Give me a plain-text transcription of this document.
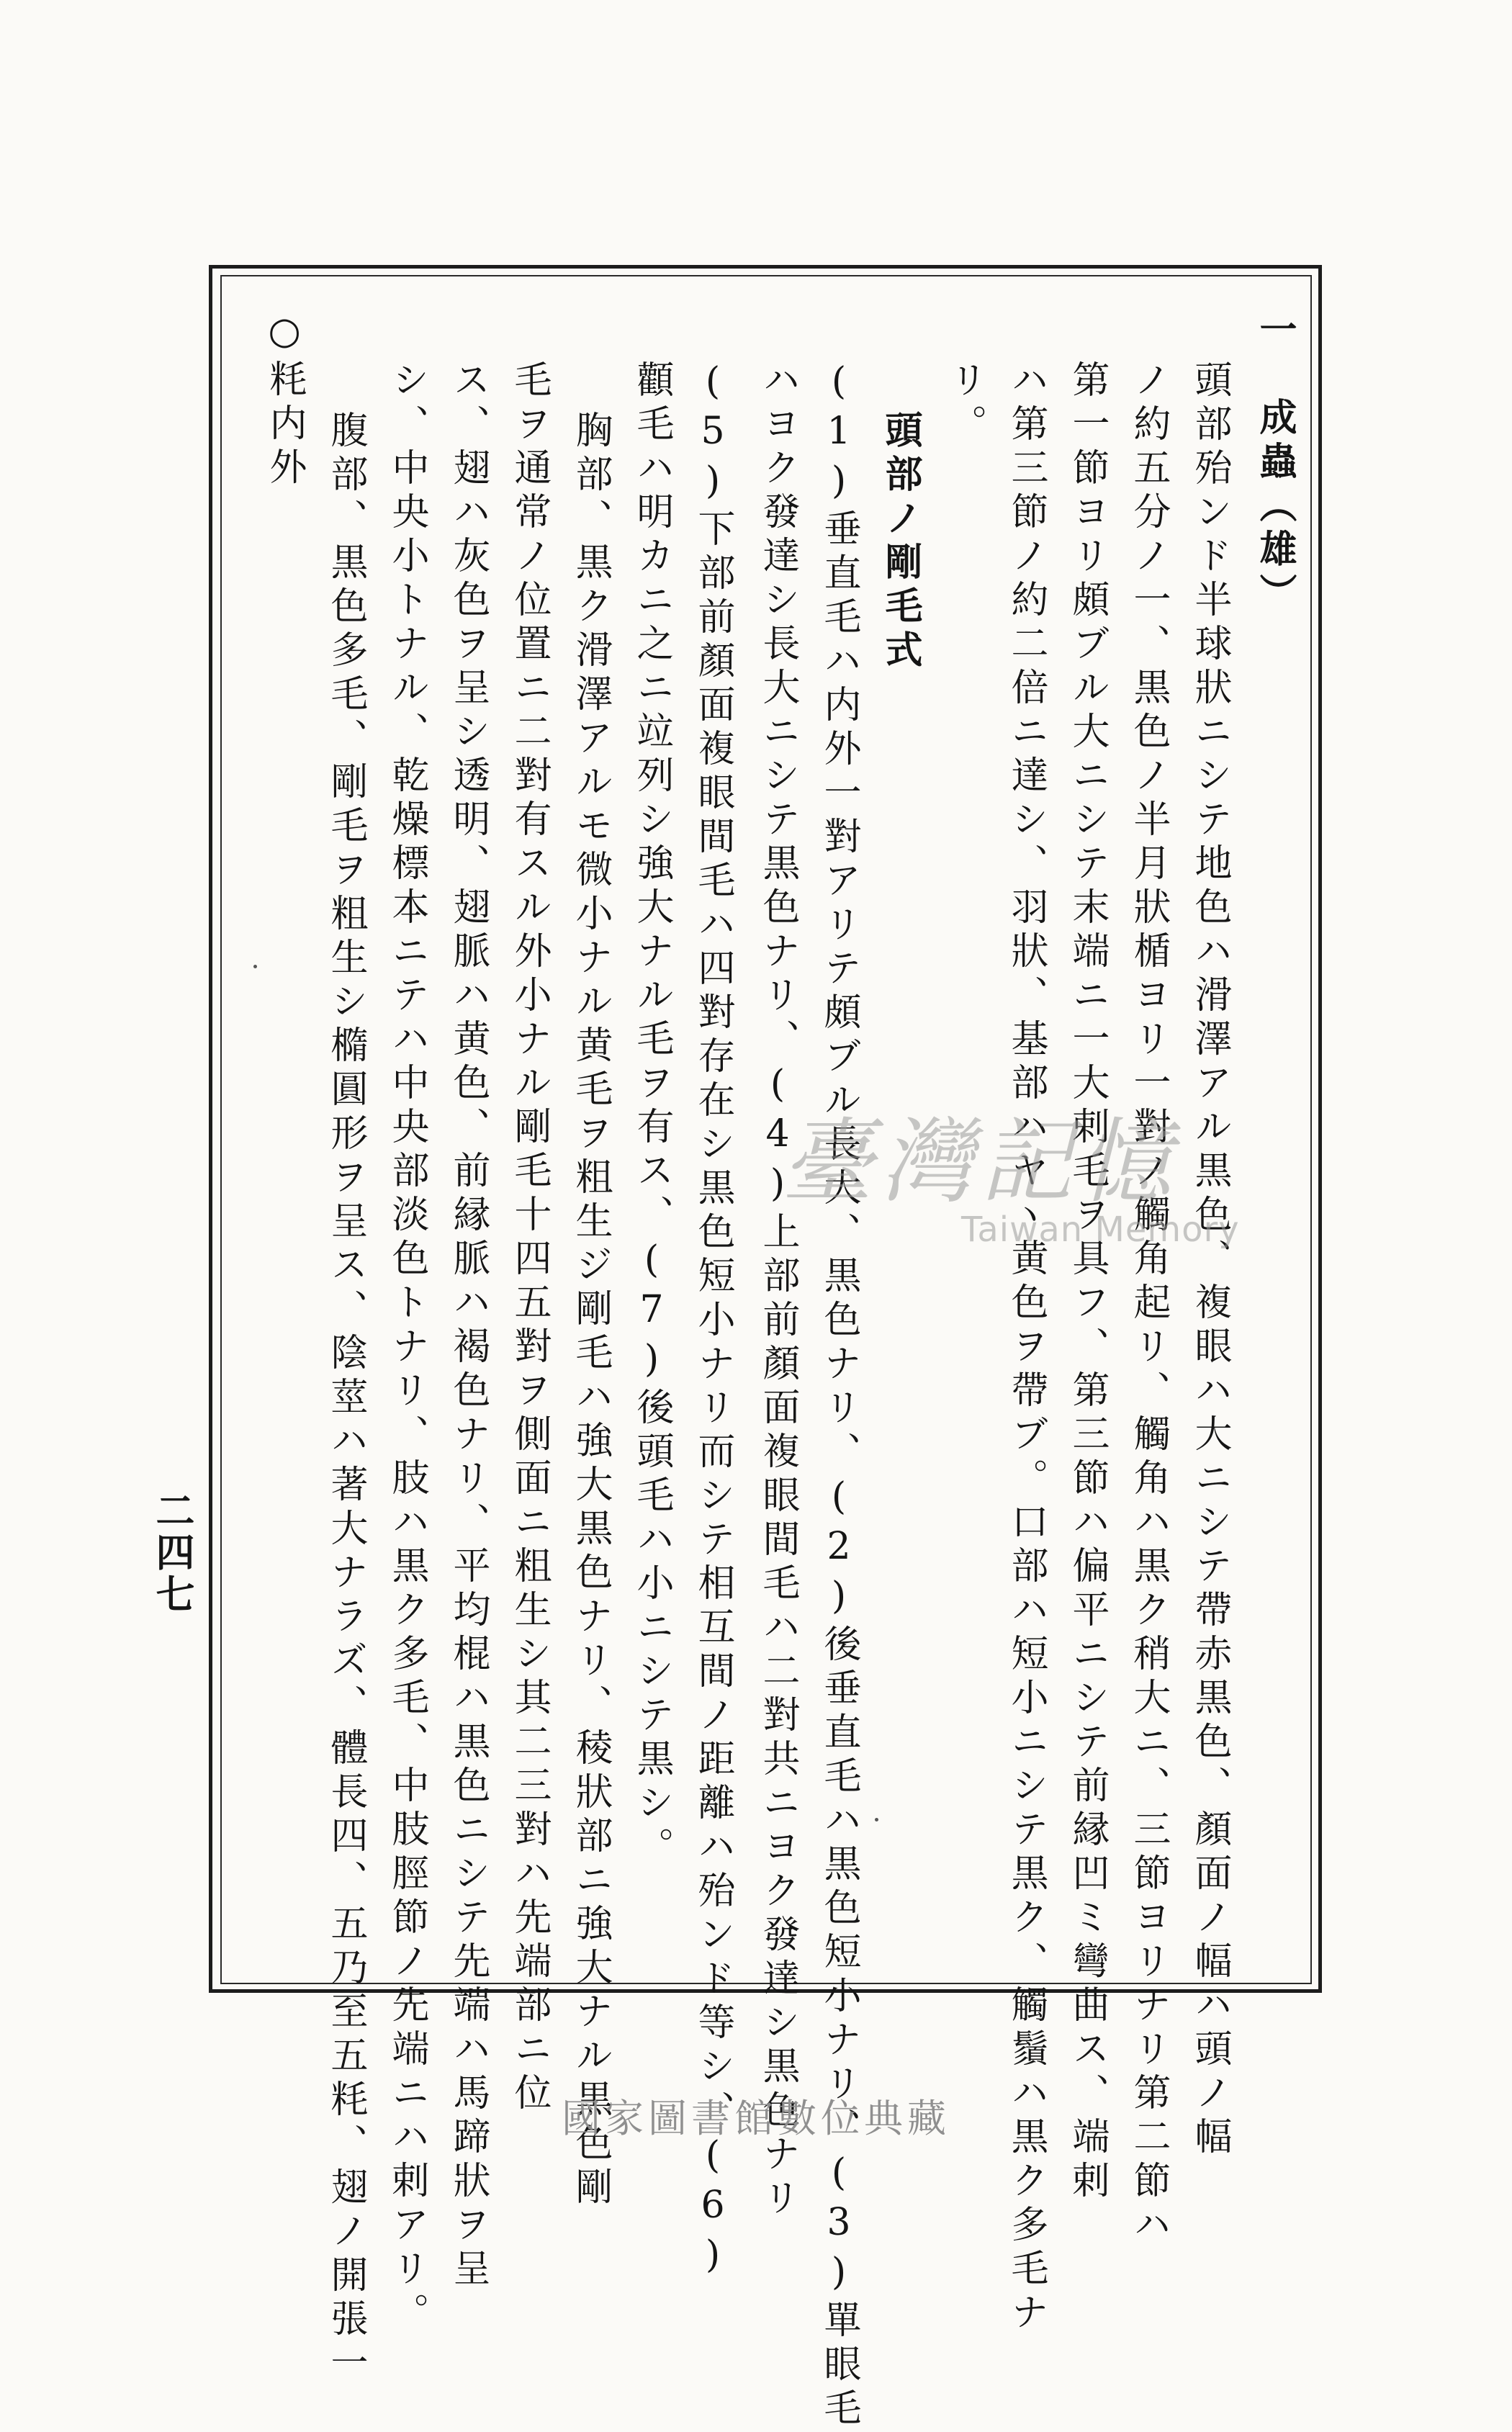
一　成蟲（雄）
頭部殆ンド半球狀ニシテ地色ハ滑澤アル黒色、複眼ハ大ニシテ帶赤黒色、顏面ノ幅ハ頭ノ幅
ノ約五分ノ一、黒色ノ半月狀楯ヨリ一對ノ觸角起リ、觸角ハ黒ク稍大ニ、三節ヨリナリ第二節ハ
第一節ヨリ頗ブル大ニシテ末端ニ一大剌毛ヲ具フ、第三節ハ偏平ニシテ前縁凹ミ彎曲ス、端剌
ハ第三節ノ約二倍ニ達シ、羽狀、基部ハヤヽ黄色ヲ帶ブ。口部ハ短小ニシテ黒ク、觸鬚ハ黒ク多毛ナ
リ。
頭部ノ剛毛式
(1)垂直毛ハ内外一對アリテ頗ブル長大、黒色ナリ、(2)後垂直毛ハ黒色短小ナリ、(3)單眼毛
ハヨク發達シ長大ニシテ黒色ナリ、(4)上部前顏面複眼間毛ハ二對共ニヨク發達シ黒色ナリ
(5)下部前顏面複眼間毛ハ四對存在シ黒色短小ナリ而シテ相互間ノ距離ハ殆ンド等シ、(6)
顴毛ハ明カニ之ニ竝列シ強大ナル毛ヲ有ス、(7)後頭毛ハ小ニシテ黒シ。
胸部、黒ク滑澤アルモ微小ナル黄毛ヲ粗生ジ剛毛ハ強大黒色ナリ、稜狀部ニ強大ナル黒色剛
毛ヲ通常ノ位置ニ二對有スル外小ナル剛毛十四五對ヲ側面ニ粗生シ其二三對ハ先端部ニ位
ス、翅ハ灰色ヲ呈シ透明、翅脈ハ黄色、前縁脈ハ褐色ナリ、平均棍ハ黒色ニシテ先端ハ馬蹄狀ヲ呈
シ、中央小トナル、乾燥標本ニテハ中央部淡色トナリ、肢ハ黒ク多毛、中肢脛節ノ先端ニハ剌アリ。
腹部、黒色多毛、剛毛ヲ粗生シ橢圓形ヲ呈ス、陰莖ハ著大ナラズ、體長四、五乃至五粍、翅ノ開張一
○粍内外
臺灣記憶
Taiwan Memory
二四七
國家圖書館數位典藏
